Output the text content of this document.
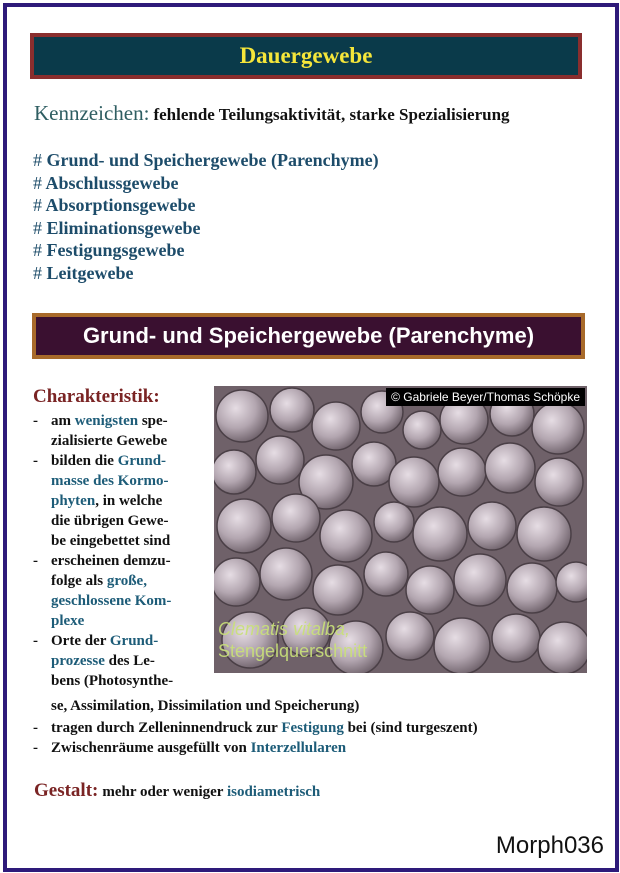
Dauergewebe
Kennzeichen: fehlende Teilungsaktivität, starke Spezialisierung
# Grund- und Speichergewebe (Parenchyme)
# Abschlussgewebe
# Absorptionsgewebe
# Eliminationsgewebe
# Festigungsgewebe
# Leitgewebe
Grund- und Speichergewebe (Parenchyme)
Charakteristik:	© Gabriele Beyer/Thomas Schöpke
Clematis vitalba,
Stengelquerschnitt
-
-
-
-
-
-
am wenigsten spe-
zialisierte Gewebe
bilden die Grund-
masse des Kormo-
phyten, in welche
die übrigen Gewe-
be eingebettet sind
erscheinen demzu-
folge als große,
geschlossene Kom-
plexe
Orte der Grund-
prozesse des Le-
bens (Photosynthe-
se, Assimilation, Dissimilation und Speicherung)
tragen durch Zelleninnendruck zur Festigung bei (sind turgeszent)
Zwischenräume ausgefüllt von Interzellularen
Gestalt: mehr oder weniger isodiametrisch
Morph036
